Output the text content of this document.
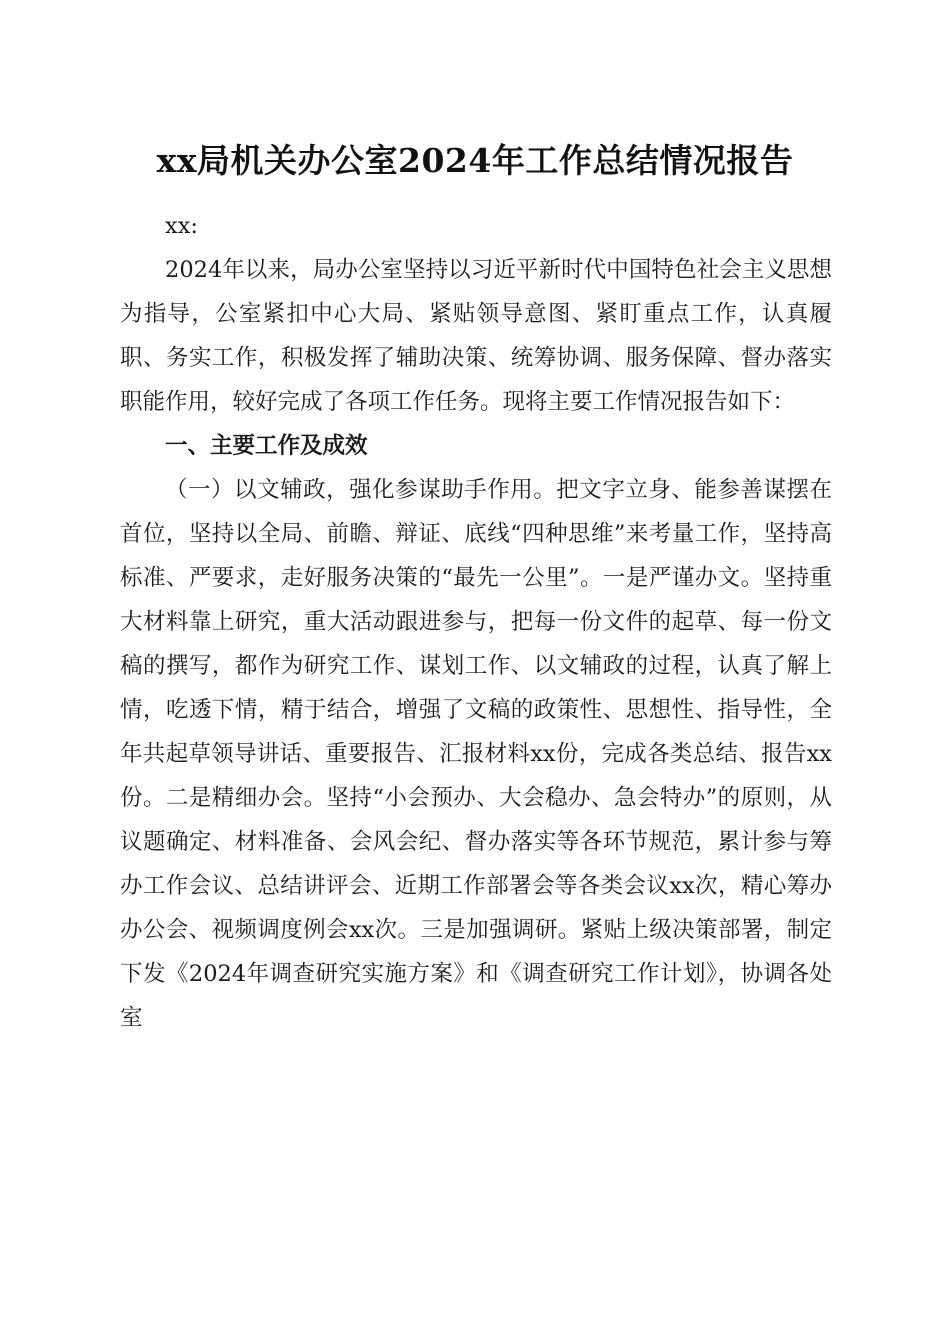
xx局机关办公室2024年工作总结情况报告

xx:

2024年以来，局办公室坚持以习近平新时代中国特色社会主义思想为指导，公室紧扣中心大局、紧贴领导意图、紧盯重点工作，认真履职、务实工作，积极发挥了辅助决策、统筹协调、服务保障、督办落实职能作用，较好完成了各项工作任务。现将主要工作情况报告如下：

一、主要工作及成效

（一）以文辅政，强化参谋助手作用。把文字立身、能参善谋摆在首位，坚持以全局、前瞻、辩证、底线“四种思维”来考量工作，坚持高标准、严要求，走好服务决策的“最先一公里”。一是严谨办文。坚持重大材料靠上研究，重大活动跟进参与，把每一份文件的起草、每一份文稿的撰写，都作为研究工作、谋划工作、以文辅政的过程，认真了解上情，吃透下情，精于结合，增强了文稿的政策性、思想性、指导性，全年共起草领导讲话、重要报告、汇报材料xx份，完成各类总结、报告xx份。二是精细办会。坚持“小会预办、大会稳办、急会特办”的原则，从议题确定、材料准备、会风会纪、督办落实等各环节规范，累计参与筹办工作会议、总结讲评会、近期工作部署会等各类会议xx次，精心筹办办公会、视频调度例会xx次。三是加强调研。紧贴上级决策部署，制定下发《2024年调查研究实施方案》和《调查研究工作计划》，协调各处室
